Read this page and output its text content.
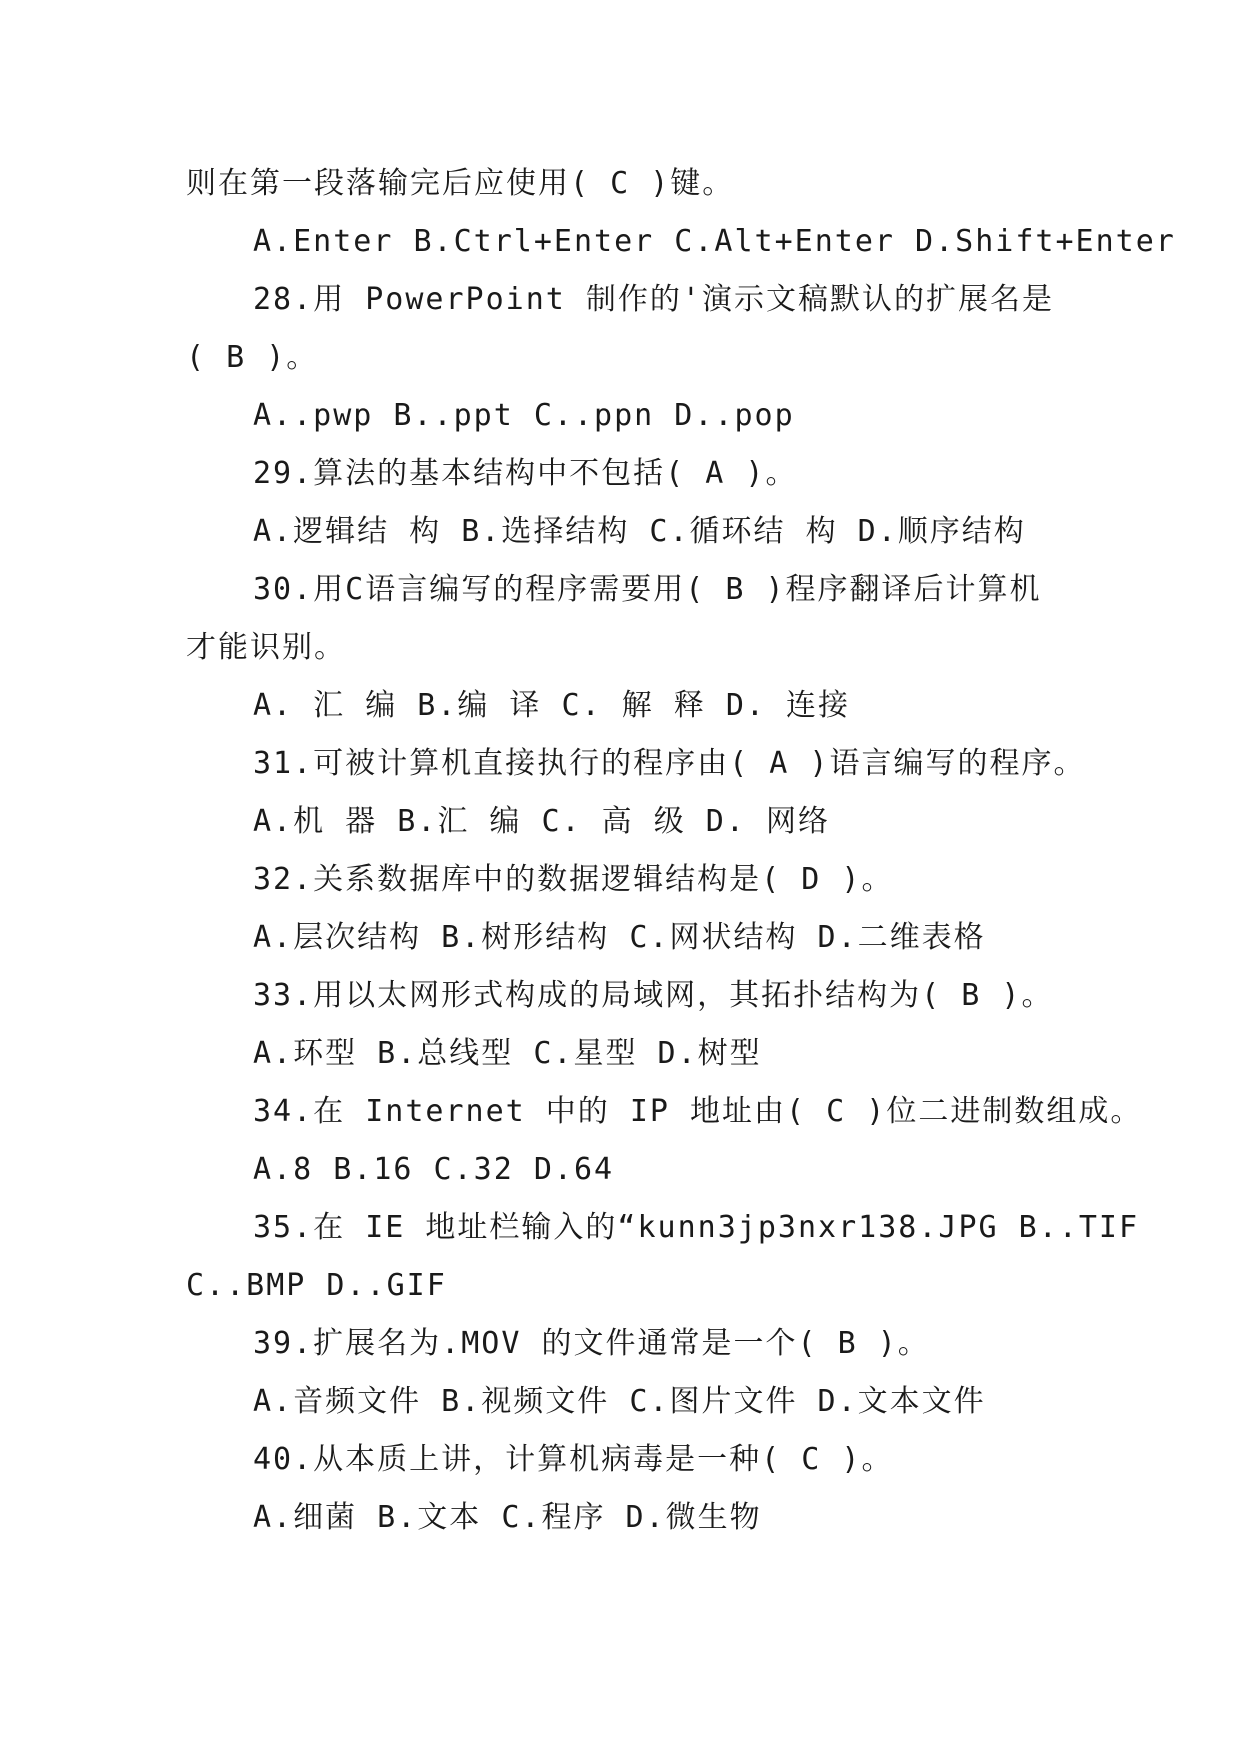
则在第一段落输完后应使用( C )键。
A.Enter B.Ctrl+Enter C.Alt+Enter D.Shift+Enter
28.用 PowerPoint 制作的'演示文稿默认的扩展名是
( B )。
A..pwp B..ppt C..ppn D..pop
29.算法的基本结构中不包括( A )。
A.逻辑结 构 B.选择结构 C.循环结 构 D.顺序结构
30.用C语言编写的程序需要用( B )程序翻译后计算机
才能识别。
A. 汇 编 B.编 译 C. 解 释 D. 连接
31.可被计算机直接执行的程序由( A )语言编写的程序。
A.机 器 B.汇 编 C. 高 级 D. 网络
32.关系数据库中的数据逻辑结构是( D )。
A.层次结构 B.树形结构 C.网状结构 D.二维表格
33.用以太网形式构成的局域网，其拓扑结构为( B )。
A.环型 B.总线型 C.星型 D.树型
34.在 Internet 中的 IP 地址由( C )位二进制数组成。
A.8 B.16 C.32 D.64
35.在 IE 地址栏输入的“kunn3jp3nxr138.JPG B..TIF
C..BMP D..GIF
39.扩展名为.MOV 的文件通常是一个( B )。
A.音频文件 B.视频文件 C.图片文件 D.文本文件
40.从本质上讲，计算机病毒是一种( C )。
A.细菌 B.文本 C.程序 D.微生物
